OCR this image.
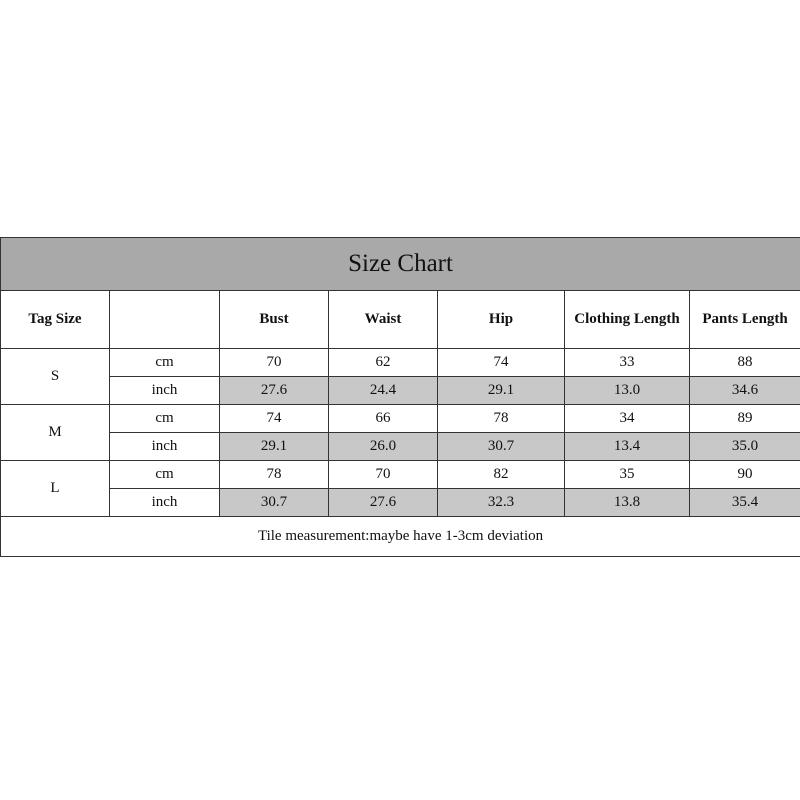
Size Chart						
Tag Size		Bust	Waist	Hip	Clothing Length	Pants Length
S	cm	70	62	74	33	88
	inch	27.6	24.4	29.1	13.0	34.6
M	cm	74	66	78	34	89
	inch	29.1	26.0	30.7	13.4	35.0
L	cm	78	70	82	35	90
	inch	30.7	27.6	32.3	13.8	35.4
Tile measurement:maybe have 1-3cm deviation						
